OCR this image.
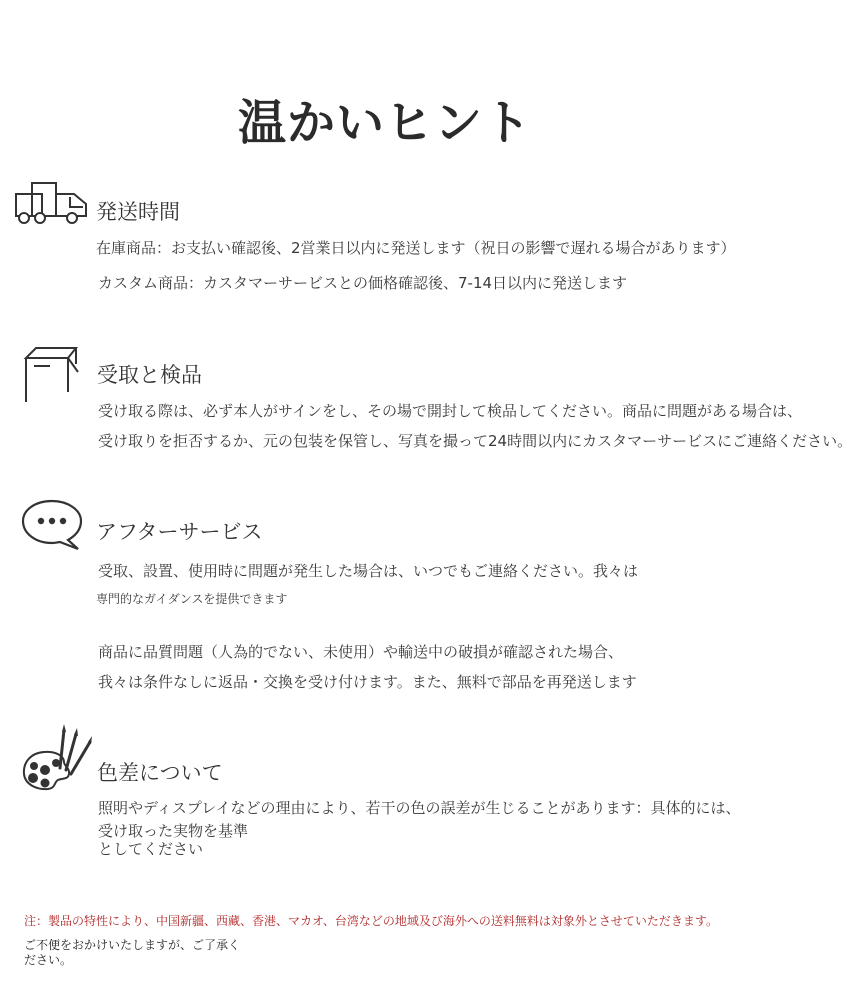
温かいヒント
発送時間
在庫商品：お支払い確認後、2営業日以内に発送します（祝日の影響で遅れる場合があります）
カスタム商品：カスタマーサービスとの価格確認後、7-14日以内に発送します
受取と検品
受け取る際は、必ず本人がサインをし、その場で開封して検品してください。商品に問題がある場合は、
受け取りを拒否するか、元の包装を保管し、写真を撮って24時間以内にカスタマーサービスにご連絡ください。
アフターサービス
受取、設置、使用時に問題が発生した場合は、いつでもご連絡ください。我々は
専門的なガイダンスを提供できます
商品に品質問題（人為的でない、未使用）や輸送中の破損が確認された場合、
我々は条件なしに返品・交換を受け付けます。また、無料で部品を再発送します
色差について
照明やディスプレイなどの理由により、若干の色の誤差が生じることがあります：具体的には、
受け取った実物を基準
としてください
注：製品の特性により、中国新疆、西藏、香港、マカオ、台湾などの地域及び海外への送料無料は対象外とさせていただきます。
ご不便をおかけいたしますが、ご了承く
ださい。
